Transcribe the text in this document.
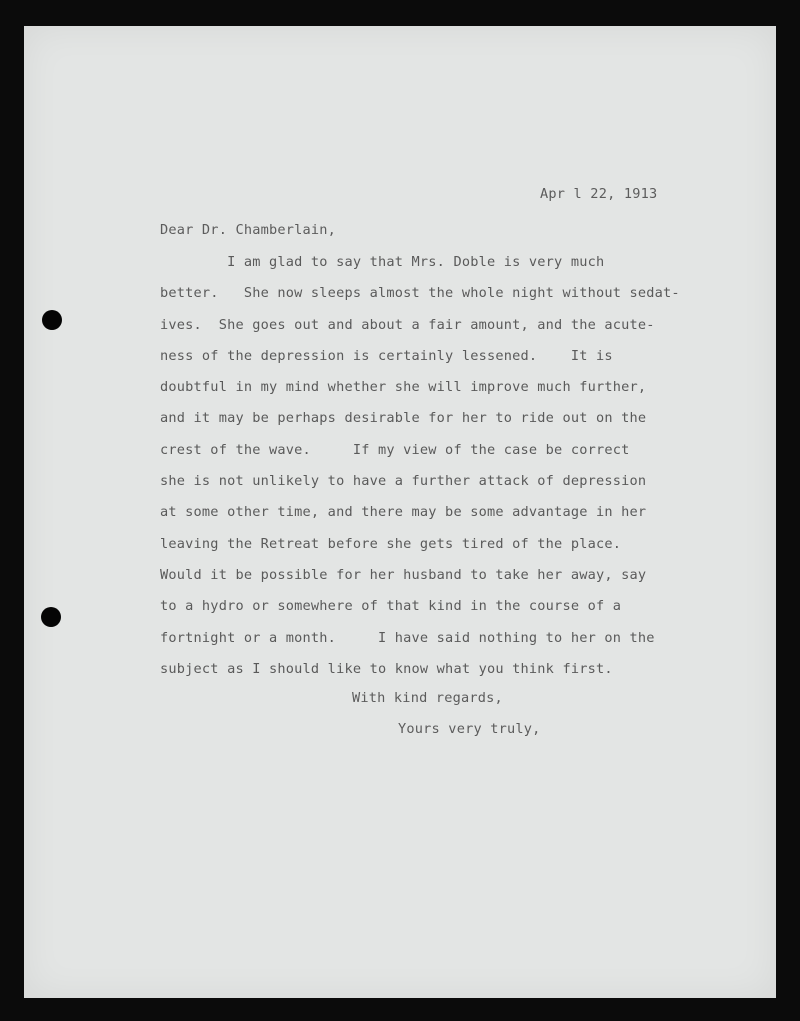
Apr l 22, 1913
Dear Dr. Chamberlain,
I am glad to say that Mrs. Doble is very much
better.   She now sleeps almost the whole night without sedat-
ives.  She goes out and about a fair amount, and the acute-
ness of the depression is certainly lessened.    It is
doubtful in my mind whether she will improve much further,
and it may be perhaps desirable for her to ride out on the
crest of the wave.     If my view of the case be correct
she is not unlikely to have a further attack of depression
at some other time, and there may be some advantage in her
leaving the Retreat before she gets tired of the place.
Would it be possible for her husband to take her away, say
to a hydro or somewhere of that kind in the course of a
fortnight or a month.     I have said nothing to her on the
subject as I should like to know what you think first.
With kind regards,
Yours very truly,
